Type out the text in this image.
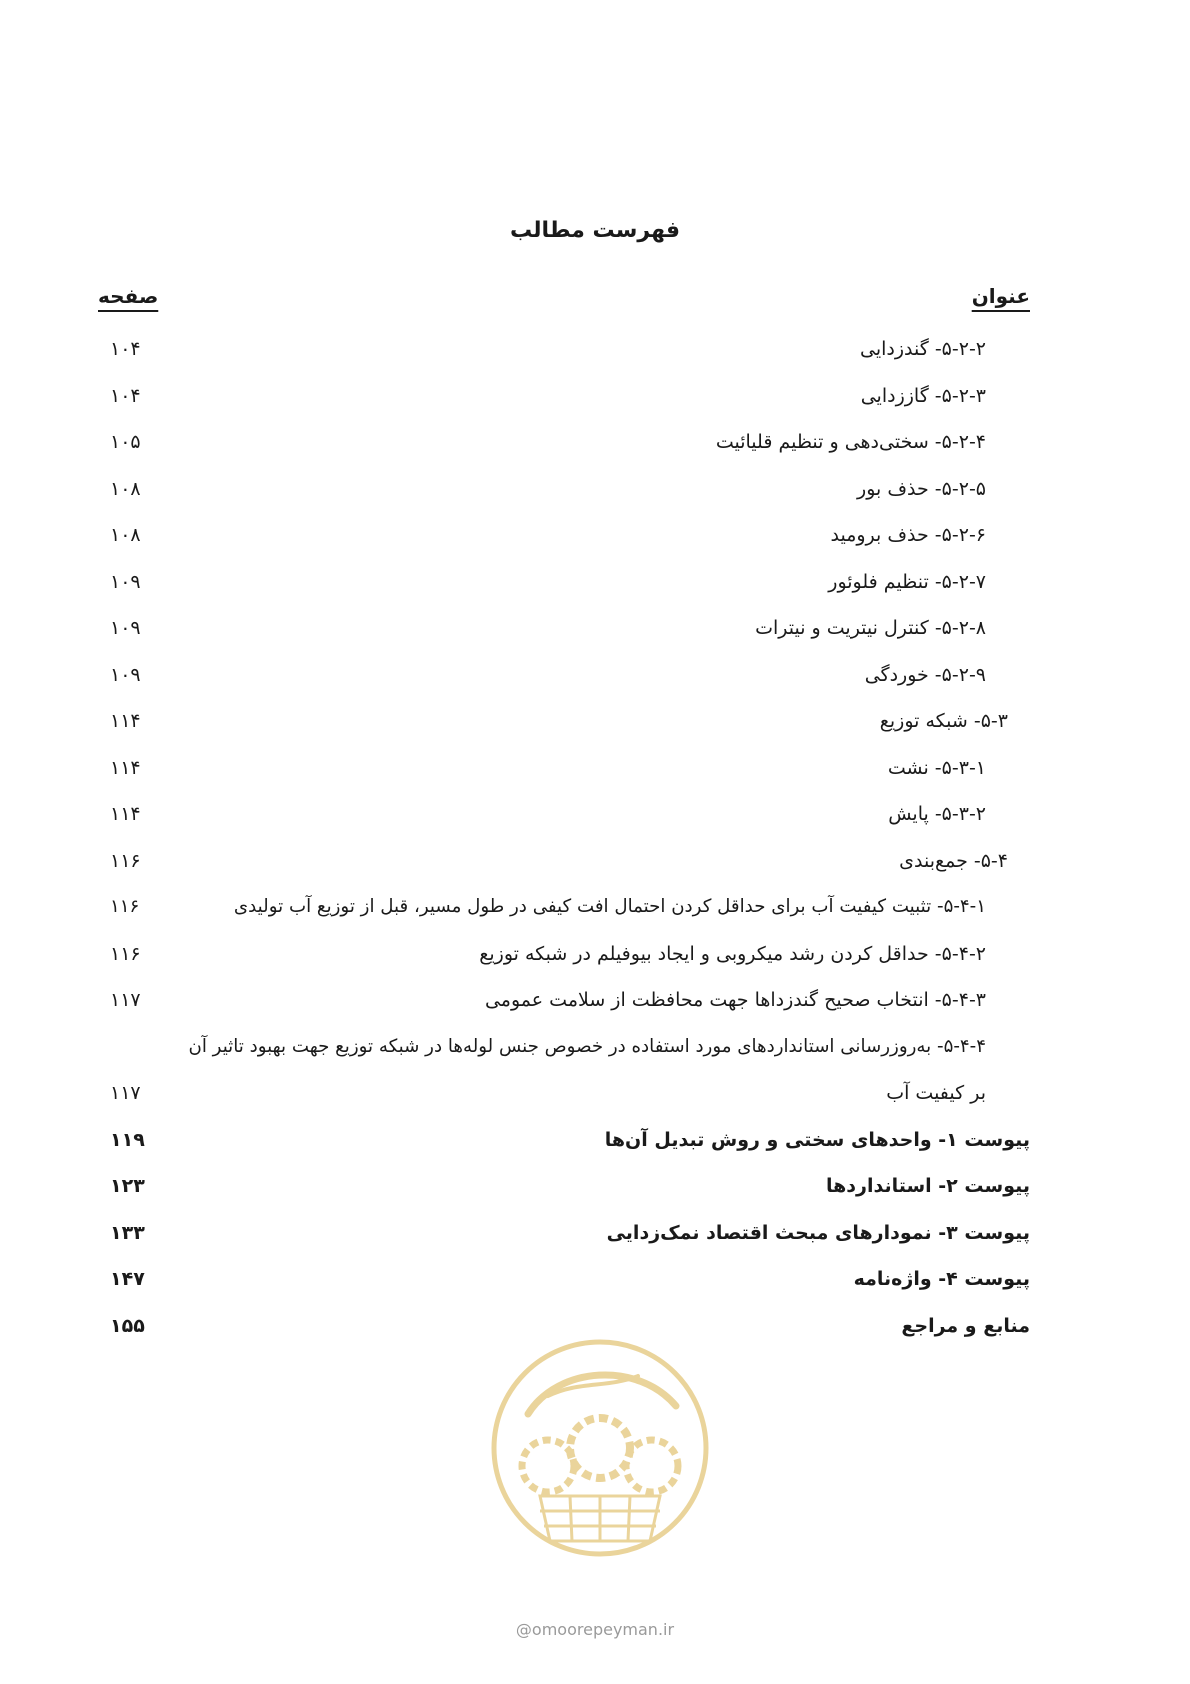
فهرست مطالب
عنوان
صفحه
۵-۲-۲- گندزدایی
۱۰۴
۵-۲-۳- گاززدایی
۱۰۴
۵-۲-۴- سختی‌دهی و تنظیم قلیائیت
۱۰۵
۵-۲-۵- حذف بور
۱۰۸
۵-۲-۶- حذف برومید
۱۰۸
۵-۲-۷- تنظیم فلوئور
۱۰۹
۵-۲-۸- کنترل نیتریت و نیترات
۱۰۹
۵-۲-۹- خوردگی
۱۰۹
۵-۳- شبکه توزیع
۱۱۴
۵-۳-۱- نشت
۱۱۴
۵-۳-۲- پایش
۱۱۴
۵-۴- جمع‌بندی
۱۱۶
۵-۴-۱- تثبیت کیفیت آب برای حداقل کردن احتمال افت کیفی در طول مسیر، قبل از توزیع آب تولیدی
۱۱۶
۵-۴-۲- حداقل کردن رشد میکروبی و ایجاد بیوفیلم در شبکه توزیع
۱۱۶
۵-۴-۳- انتخاب صحیح گندزداها جهت محافظت از سلامت عمومی
۱۱۷
۵-۴-۴- به‌روزرسانی استانداردهای مورد استفاده در خصوص جنس لوله‌ها در شبکه توزیع جهت بهبود تاثیر آن
بر کیفیت آب
۱۱۷
پیوست ۱- واحدهای سختی و روش تبدیل آن‌ها
۱۱۹
پیوست ۲- استانداردها
۱۲۳
پیوست ۳- نمودارهای مبحث اقتصاد نمک‌زدایی
۱۳۳
پیوست ۴- واژه‌نامه
۱۴۷
منابع و مراجع
۱۵۵
@omoorepeyman.ir
